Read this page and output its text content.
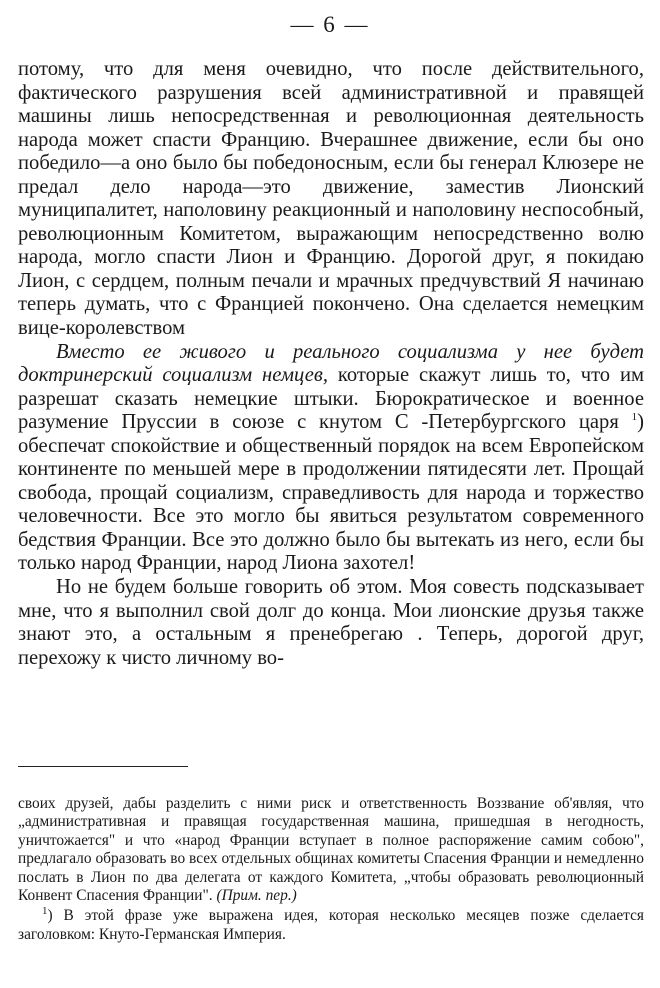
— 6 —

потому, что для меня очевидно, что после действительного, фактического разрушения всей административной и правящей машины лишь непосредственная и революционная деятельность народа может спасти Францию. Вчерашнее движение, если бы оно победило—а оно было бы победоносным, если бы генерал Клюзере не предал дело народа—это движение, заместив Лионский муниципалитет, наполовину реакционный и наполовину неспособный, революционным Комитетом, выражающим непосредственно волю народа, могло спасти Лион и Францию. Дорогой друг, я покидаю Лион, с сердцем, полным печали и мрачных предчувствий Я начинаю теперь думать, что с Францией покончено. Она сделается немецким вице-королевством

Вместо ее живого и реального социализма у нее будет доктринерский социализм немцев, которые скажут лишь то, что им разрешат сказать немецкие штыки. Бюрократическое и военное разумение Пруссии в союзе с кнутом С -Петербургского царя $^1$) обеспечат спокойствие и общественный порядок на всем Европейском континенте по меньшей мере в продолжении пятидесяти лет. Прощай свобода, прощай социализм, справедливость для народа и торжество человечности. Все это могло бы явиться результатом современного бедствия Франции. Все это должно было бы вытекать из него, если бы только народ Франции, народ Лиона захотел!

Но не будем больше говорить об этом. Моя совесть подсказывает мне, что я выполнил свой долг до конца. Мои лионские друзья также знают это, а остальным я пренебрегаю . Теперь, дорогой друг, перехожу к чисто личному во-

своих друзей, дабы разделить с ними риск и ответственность Воззвание об'являя, что „административная и правящая государственная машина, пришедшая в негодность, уничтожается" и что «народ Франции вступает в полное распоряжение самим собою", предлагало образовать во всех отдельных общинах комитеты Спасения Франции и немедленно послать в Лион по два делегата от каждого Комитета, „чтобы образовать революционный Конвент Спасения Франции". (Прим. пер.)

$^1$) В этой фразе уже выражена идея, которая несколько месяцев позже сделается заголовком: Кнуто-Германская Империя.
